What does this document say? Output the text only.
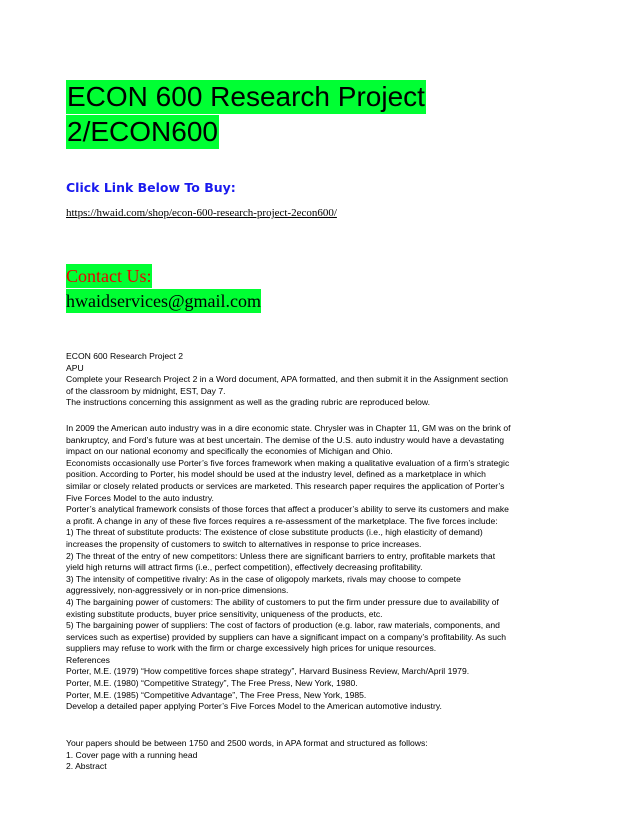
ECON 600 Research Project
2/ECON600
Click Link Below To Buy:
https://hwaid.com/shop/econ-600-research-project-2econ600/
Contact Us:
hwaidservices@gmail.com

ECON 600 Research Project 2

APU

Complete your Research Project 2 in a Word document, APA formatted, and then submit it in the Assignment section

of the classroom by midnight, EST, Day 7.

The instructions concerning this assignment as well as the grading rubric are reproduced below.

In 2009 the American auto industry was in a dire economic state. Chrysler was in Chapter 11, GM was on the brink of

bankruptcy, and Ford’s future was at best uncertain. The demise of the U.S. auto industry would have a devastating

impact on our national economy and specifically the economies of Michigan and Ohio.

Economists occasionally use Porter’s five forces framework when making a qualitative evaluation of a firm’s strategic

position. According to Porter, his model should be used at the industry level, defined as a marketplace in which

similar or closely related products or services are marketed. This research paper requires the application of Porter’s

Five Forces Model to the auto industry.

Porter’s analytical framework consists of those forces that affect a producer’s ability to serve its customers and make

a profit. A change in any of these five forces requires a re-assessment of the marketplace. The five forces include:

1) The threat of substitute products: The existence of close substitute products (i.e., high elasticity of demand)

increases the propensity of customers to switch to alternatives in response to price increases.

2) The threat of the entry of new competitors: Unless there are significant barriers to entry, profitable markets that

yield high returns will attract firms (i.e., perfect competition), effectively decreasing profitability.

3) The intensity of competitive rivalry: As in the case of oligopoly markets, rivals may choose to compete

aggressively, non-aggressively or in non-price dimensions.

4) The bargaining power of customers: The ability of customers to put the firm under pressure due to availability of

existing substitute products, buyer price sensitivity, uniqueness of the products, etc.

5) The bargaining power of suppliers: The cost of factors of production (e.g. labor, raw materials, components, and

services such as expertise) provided by suppliers can have a significant impact on a company’s profitability. As such

suppliers may refuse to work with the firm or charge excessively high prices for unique resources.

References

Porter, M.E. (1979) “How competitive forces shape strategy”, Harvard Business Review, March/April 1979.

Porter, M.E. (1980) “Competitive Strategy”, The Free Press, New York, 1980.

Porter, M.E. (1985) “Competitive Advantage”, The Free Press, New York, 1985.

Develop a detailed paper applying Porter’s Five Forces Model to the American automotive industry.

Your papers should be between 1750 and 2500 words, in APA format and structured as follows:

1. Cover page with a running head

2. Abstract
